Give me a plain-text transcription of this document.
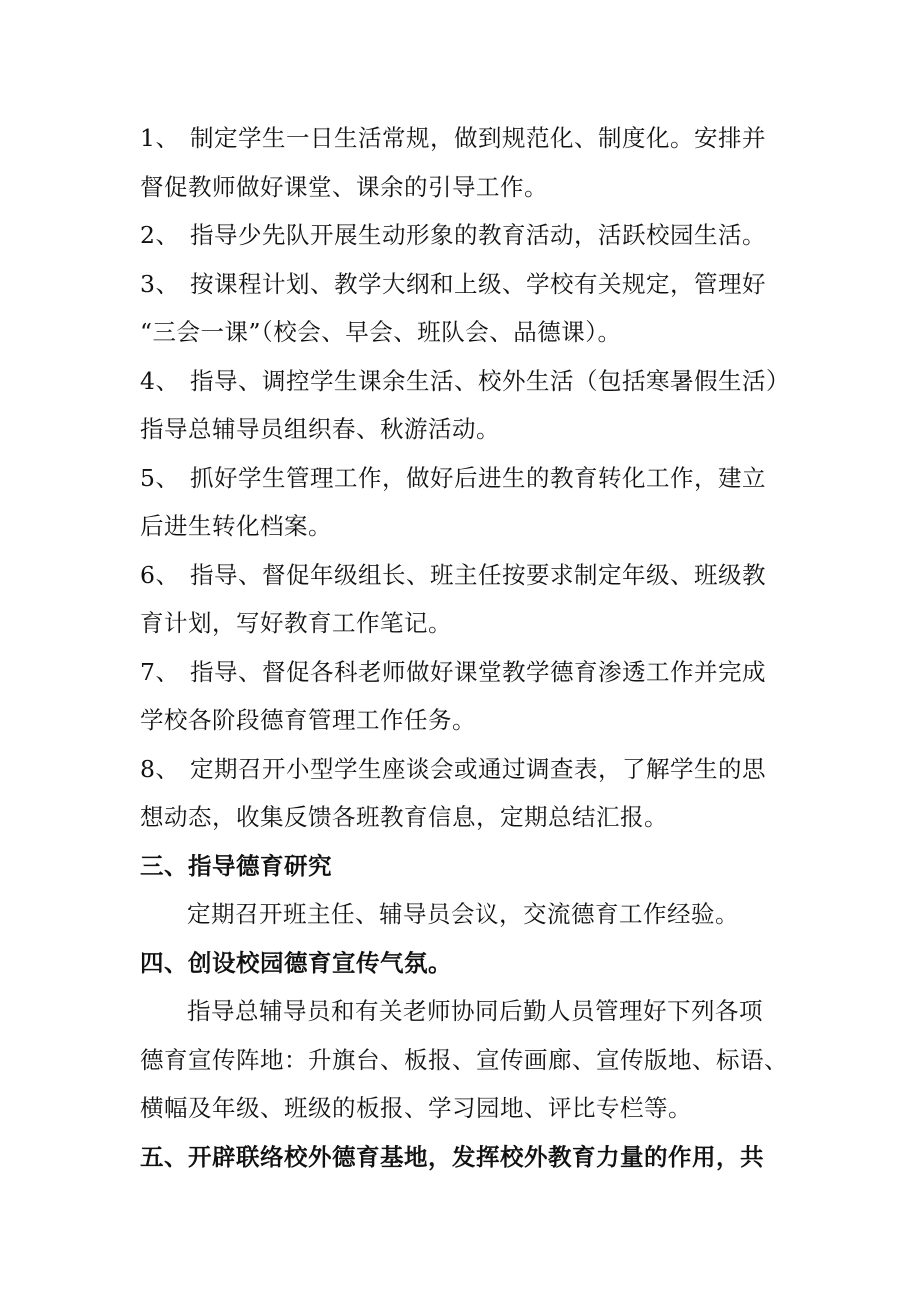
1、 制定学生一日生活常规，做到规范化、制度化。安排并
督促教师做好课堂、课余的引导工作。
2、 指导少先队开展生动形象的教育活动，活跃校园生活。
3、 按课程计划、教学大纲和上级、学校有关规定，管理好
“三会一课”（校会、早会、班队会、品德课）。
4、 指导、调控学生课余生活、校外生活（包括寒暑假生活）
指导总辅导员组织春、秋游活动。
5、 抓好学生管理工作，做好后进生的教育转化工作，建立
后进生转化档案。
6、 指导、督促年级组长、班主任按要求制定年级、班级教
育计划，写好教育工作笔记。
7、 指导、督促各科老师做好课堂教学德育渗透工作并完成
学校各阶段德育管理工作任务。
8、 定期召开小型学生座谈会或通过调查表，了解学生的思
想动态，收集反馈各班教育信息，定期总结汇报。
三、指导德育研究
定期召开班主任、辅导员会议，交流德育工作经验。
四、创设校园德育宣传气氛。
指导总辅导员和有关老师协同后勤人员管理好下列各项
德育宣传阵地：升旗台、板报、宣传画廊、宣传版地、标语、
横幅及年级、班级的板报、学习园地、评比专栏等。
五、开辟联络校外德育基地，发挥校外教育力量的作用，共
